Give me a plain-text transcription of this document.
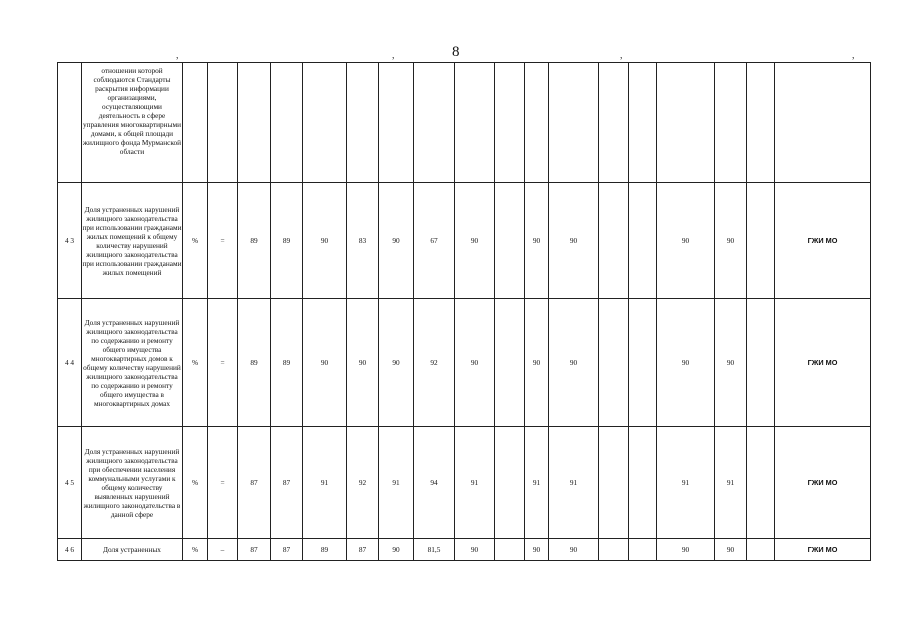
8
,	,	,	,
	отношении которой соблюдаются Стандарты раскрытия информации организациями, осуществляющими деятельность в сфере управления многоквартирными домами, к общей площади жилищного фонда Мурманской области																		
4 3	Доля устраненных нарушений жилищного законодательства при использовании гражданами жилых помещений к общему количеству нарушений жилищного законодательства при использовании гражданами жилых помещений	%	=	89	89	90	83	90	67	90		90	90			90	90		ГЖИ МО
4 4	Доля устраненных нарушений жилищного законодательства по содержанию и ремонту общего имущества многоквартирных домов к общему количеству нарушений жилищного законодательства по содержанию и ремонту общего имущества в многоквартирных домах	%	=	89	89	90	90	90	92	90		90	90			90	90		ГЖИ МО
4 5	Доля устраненных нарушений жилищного законодательства при обеспечении населения коммунальными услугами к общему количеству выявленных нарушений жилищного законодательства в данной сфере	%	=	87	87	91	92	91	94	91		91	91			91	91		ГЖИ МО
4 6	Доля устраненных	%	–	87	87	89	87	90	81,5	90		90	90			90	90		ГЖИ МО
